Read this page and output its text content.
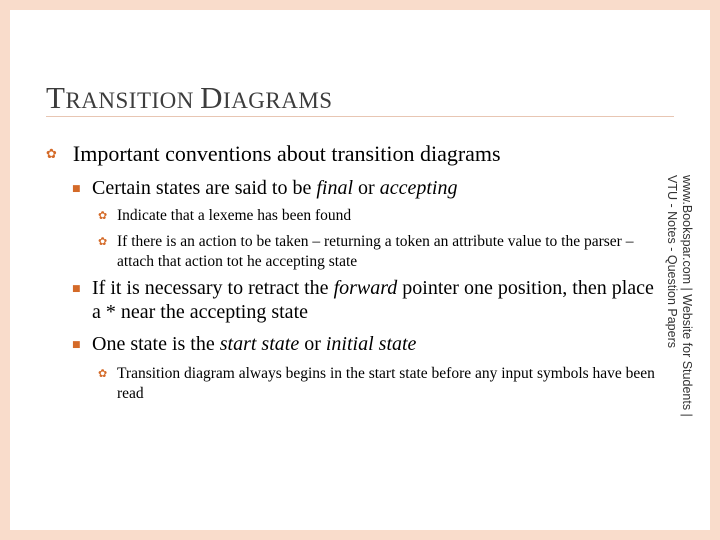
TRANSITION DIAGRAMS

✿ Important conventions about transition diagrams

■ Certain states are said to be final or accepting

✿ Indicate that a lexeme has been found

✿ If there is an action to be taken – returning a token an attribute value to the parser – attach that action tot he accepting state

■ If it is necessary to retract the forward pointer one position, then place a * near the accepting state

■ One state is the start state or initial state

✿ Transition diagram always begins in the start state before any input symbols have been read	www.Bookspar.com | Website for Students |
VTU - Notes - Question Papers
